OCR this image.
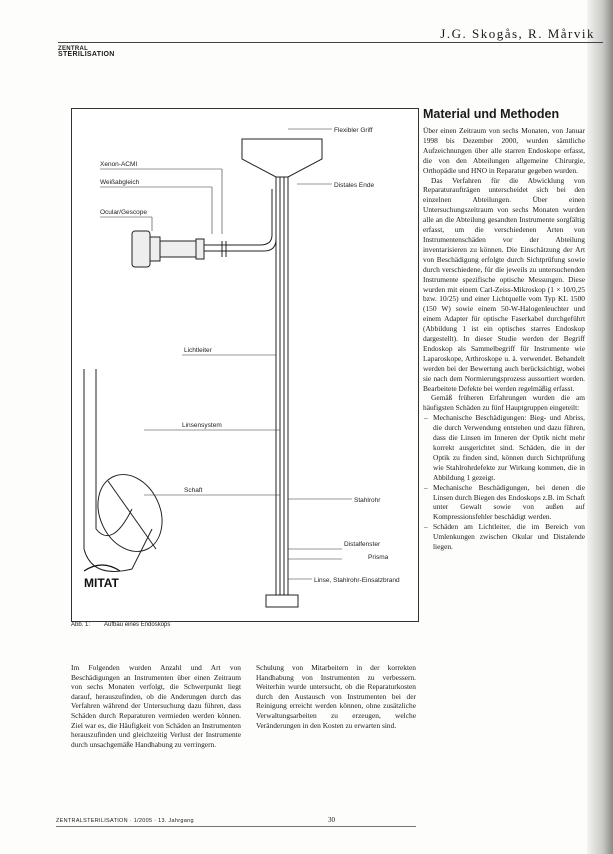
J.G. Skogås, R. Mårvik
ZENTRAL
STERILISATION
Flexibler Griff
Distales Ende
Xenon-ACMI
Weißabgleich
Ocular/Gescope
Lichtleiter
Linsensystem
Schaft
Stahlrohr
Distalfenster
Prisma
Linse, Stahlrohr-Einsatzbrand
MITAT
Abb. 1: Aufbau eines Endoskops
Material und Methoden

Über einen Zeitraum von sechs Monaten, von Januar 1998 bis Dezember 2000, wurden sämtliche Aufzeichnungen über alle starren Endoskope erfasst, die von den Abteilungen allgemeine Chirurgie, Orthopädie und HNO in Reparatur gegeben wurden.

Das Verfahren für die Abwicklung von Reparaturaufträgen unterscheidet sich bei den einzelnen Abteilungen. Über einen Untersuchungszeitraum von sechs Monaten wurden alle an die Abteilung gesandten Instrumente sorgfältig erfasst, um die verschiedenen Arten von Instrumentenschäden vor der Abteilung inventarisieren zu können. Die Einschätzung der Art von Beschädigung erfolgte durch Sichtprüfung sowie durch verschiedene, für die jeweils zu untersuchenden Instrumente spezifische optische Messungen. Diese wurden mit einem Carl-Zeiss-Mikroskop (1 × 10/0,25 bzw. 10/25) und einer Lichtquelle vom Typ KL 1500 (150 W) sowie einem 50-W-Halogenleuchter und einem Adapter für optische Faserkabel durchgeführt (Abbildung 1 ist ein optisches starres Endoskop dargestellt). In dieser Studie werden der Begriff Endoskop als Sammelbegriff für Instrumente wie Laparoskope, Arthroskope u. ä. verwendet. Behandelt werden bei der Bewertung auch berücksichtigt, wobei sie nach dem Normierungsprozess aussortiert worden. Bearbeitete Defekte bei werden regelmäßig erfasst.

Gemäß früheren Erfahrungen wurden die am häufigsten Schäden zu fünf Hauptgruppen eingeteilt:

– Mechanische Beschädigungen: Bieg- und Abriss, die durch Verwendung entstehen und dazu führen, dass die Linsen im Inneren der Optik nicht mehr korrekt ausgerichtet sind. Schäden, die in der Optik zu finden sind, können durch Sichtprüfung wie Stahlrohrdefekte zur Wirkung kommen, die in Abbildung 1 gezeigt.
– Mechanische Beschädigungen, bei denen die Linsen durch Biegen des Endoskops z.B. im Schaft unter Gewalt sowie von außen auf Kompressionsfehler beschädigt werden.
– Schäden am Lichtleiter, die im Bereich von Umlenkungen zwischen Okular und Distalende liegen.

Im Folgenden wurden Anzahl und Art von Beschädigungen an Instrumenten über einen Zeitraum von sechs Monaten verfolgt, die Schwerpunkt liegt darauf, herauszufinden, ob die Anderungen durch das Verfahren während der Untersuchung dazu führen, dass Schäden durch Reparaturen vermieden werden können. Ziel war es, die Häufigkeit von Schäden an Instrumenten herauszufinden und gleichzeitig Verlust der Instrumente durch unsachgemäße Handhabung zu verringern.

Schulung von Mitarbeitern in der korrekten Handhabung von Instrumenten zu verbessern. Weiterhin wurde untersucht, ob die Reparaturkosten durch den Austausch von Instrumenten bei der Reinigung erreicht werden können, ohne zusätzliche Verwaltungsarbeiten zu erzeugen, welche Veränderungen in den Kosten zu erwarten sind.

ZENTRALSTERILISATION · 1/2005 · 13. Jahrgang	30
